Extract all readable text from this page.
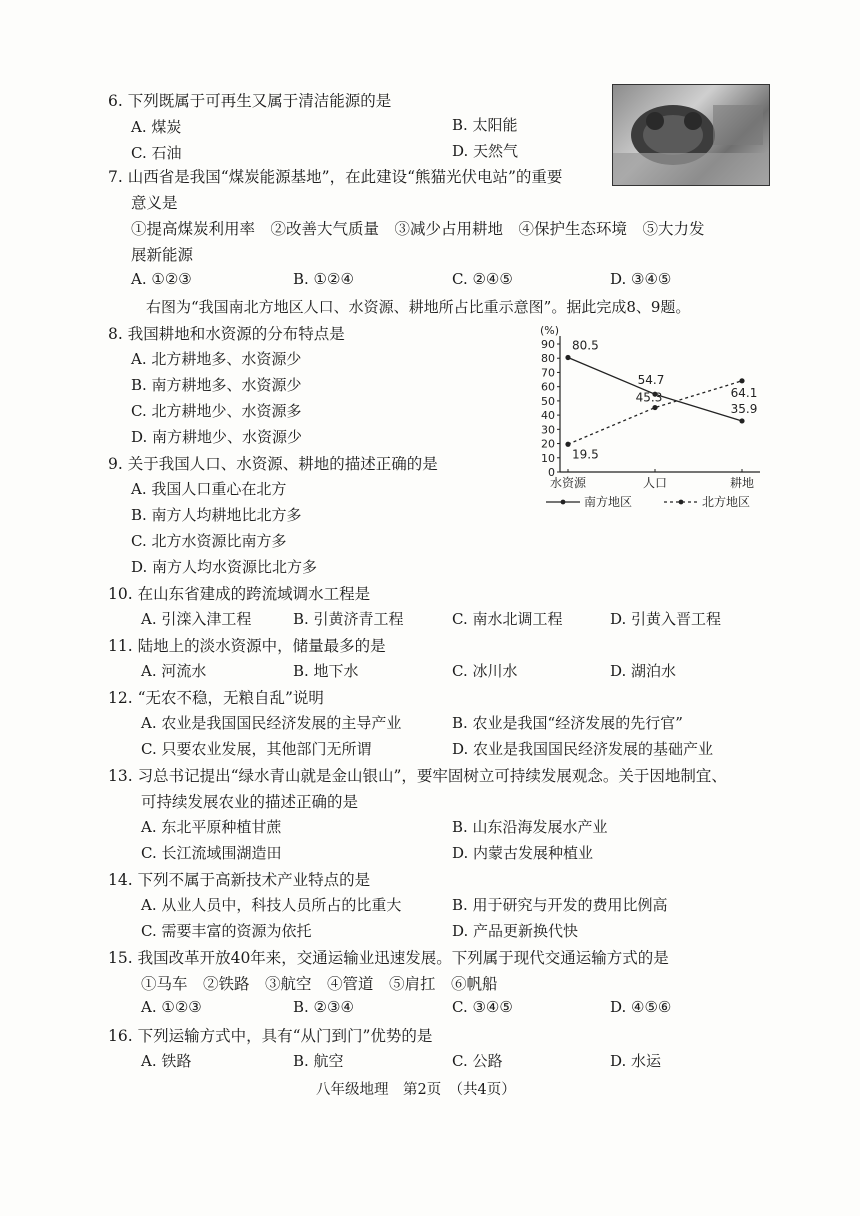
6. 下列既属于可再生又属于清洁能源的是
A. 煤炭	B. 太阳能
C. 石油	D. 天然气
7. 山西省是我国“煤炭能源基地”，在此建设“熊猫光伏电站”的重要
意义是
①提高煤炭利用率　②改善大气质量　③减少占用耕地　④保护生态环境　⑤大力发
展新能源
A. ①②③	B. ①②④	C. ②④⑤	D. ③④⑤
右图为“我国南北方地区人口、水资源、耕地所占比重示意图”。据此完成8、9题。
8. 我国耕地和水资源的分布特点是
A. 北方耕地多、水资源少
B. 南方耕地多、水资源少
C. 北方耕地少、水资源多
D. 南方耕地少、水资源少
9. 关于我国人口、水资源、耕地的描述正确的是
A. 我国人口重心在北方
B. 南方人均耕地比北方多
C. 北方水资源比南方多
D. 南方人均水资源比北方多
(%)
0
10
20
30
40
50
60
70
80
90
水资源	人口	耕地
80.5
54.7
35.9
19.5
45.3	64.1
南方地区	北方地区
10. 在山东省建成的跨流域调水工程是
A. 引滦入津工程	B. 引黄济青工程	C. 南水北调工程	D. 引黄入晋工程
11. 陆地上的淡水资源中，储量最多的是
A. 河流水	B. 地下水	C. 冰川水	D. 湖泊水
12. “无农不稳，无粮自乱”说明
A. 农业是我国国民经济发展的主导产业	B. 农业是我国“经济发展的先行官”
C. 只要农业发展，其他部门无所谓	D. 农业是我国国民经济发展的基础产业
13. 习总书记提出“绿水青山就是金山银山”，要牢固树立可持续发展观念。关于因地制宜、
可持续发展农业的描述正确的是
A. 东北平原种植甘蔗	B. 山东沿海发展水产业
C. 长江流域围湖造田	D. 内蒙古发展种植业
14. 下列不属于高新技术产业特点的是
A. 从业人员中，科技人员所占的比重大	B. 用于研究与开发的费用比例高
C. 需要丰富的资源为依托	D. 产品更新换代快
15. 我国改革开放40年来，交通运输业迅速发展。下列属于现代交通运输方式的是
①马车　②铁路　③航空　④管道　⑤肩扛　⑥帆船
A. ①②③	B. ②③④	C. ③④⑤	D. ④⑤⑥
16. 下列运输方式中，具有“从门到门”优势的是
A. 铁路	B. 航空	C. 公路	D. 水运
八年级地理　第2页　（共4页）
